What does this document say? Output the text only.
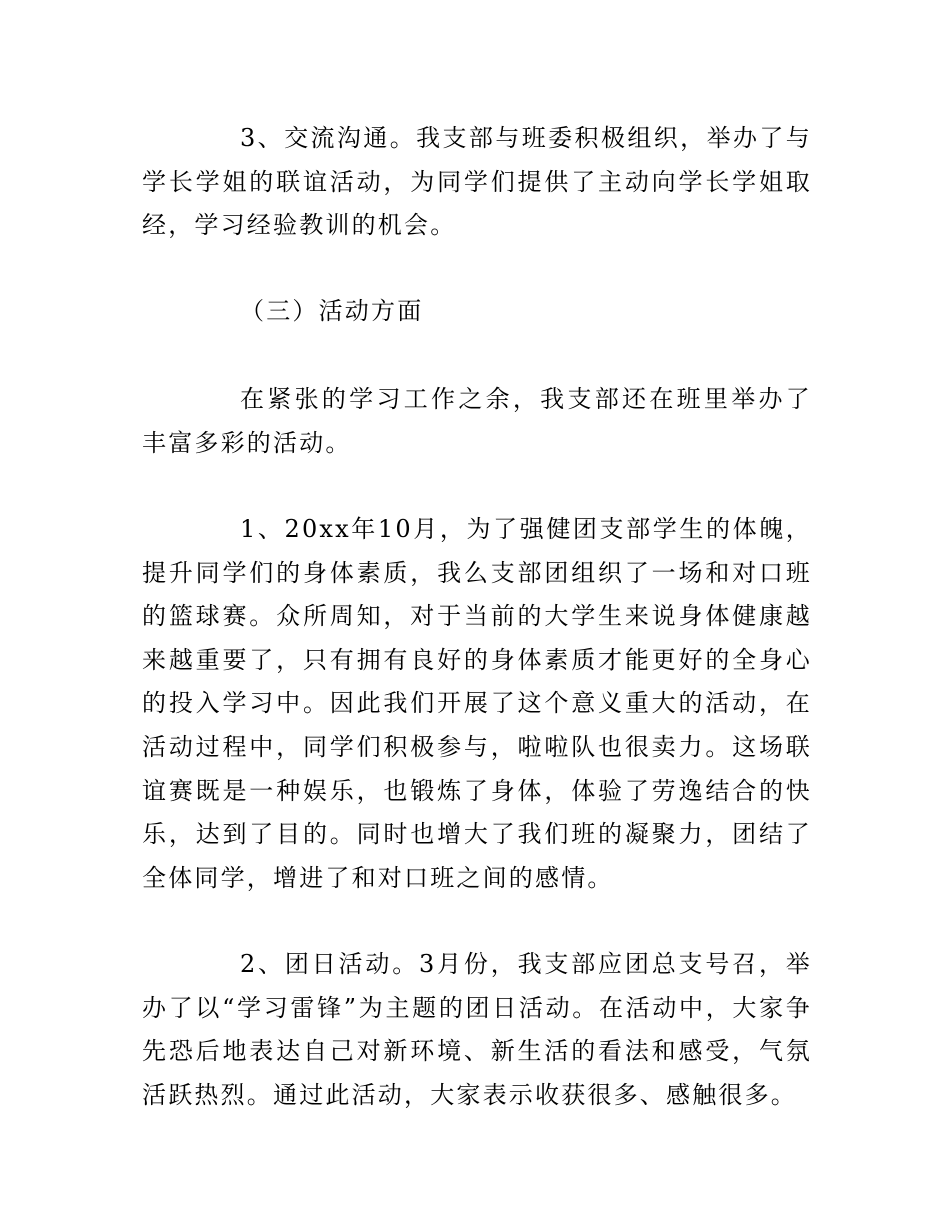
3、交流沟通。我支部与班委积极组织，举办了与学长学姐的联谊活动，为同学们提供了主动向学长学姐取经，学习经验教训的机会。

（三）活动方面

在紧张的学习工作之余，我支部还在班里举办了丰富多彩的活动。

1、20xx年10月，为了强健团支部学生的体魄，提升同学们的身体素质，我么支部团组织了一场和对口班的篮球赛。众所周知，对于当前的大学生来说身体健康越来越重要了，只有拥有良好的身体素质才能更好的全身心的投入学习中。因此我们开展了这个意义重大的活动，在活动过程中，同学们积极参与，啦啦队也很卖力。这场联谊赛既是一种娱乐，也锻炼了身体，体验了劳逸结合的快乐，达到了目的。同时也增大了我们班的凝聚力，团结了全体同学，增进了和对口班之间的感情。

2、团日活动。3月份，我支部应团总支号召，举办了以“学习雷锋”为主题的团日活动。在活动中，大家争先恐后地表达自己对新环境、新生活的看法和感受，气氛活跃热烈。通过此活动，大家表示收获很多、感触很多。
